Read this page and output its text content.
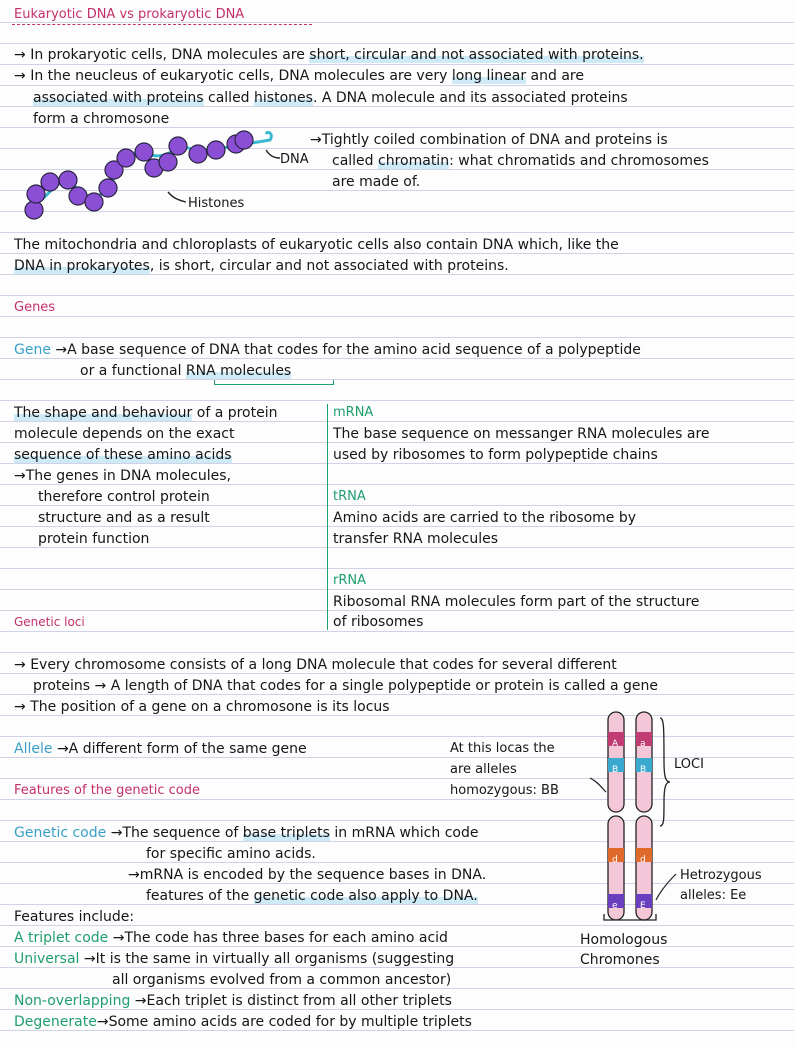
Eukaryotic DNA vs prokaryotic DNA
→ In prokaryotic cells, DNA molecules are short, circular and not associated with proteins.
→ In the neucleus of eukaryotic cells, DNA molecules are very long linear and are
associated with proteins called histones. A DNA molecule and its associated proteins
form a chromosone
DNA
Histones
→Tightly coiled combination of DNA and proteins is
called chromatin: what chromatids and chromosomes
are made of.
The mitochondria and chloroplasts of eukaryotic cells also contain DNA which, like the
DNA in prokaryotes, is short, circular and not associated with proteins.
Genes
Gene →A base sequence of DNA that codes for the amino acid sequence of a polypeptide
or a functional RNA molecules
The shape and behaviour of a protein
molecule depends on the exact
sequence of these amino acids
→The genes in DNA molecules,
therefore control protein
structure and as a result
protein function
mRNA
The base sequence on messanger RNA molecules are
used by ribosomes to form polypeptide chains
tRNA
Amino acids are carried to the ribosome by
transfer RNA molecules
rRNA
Ribosomal RNA molecules form part of the structure
of ribosomes
Genetic loci
→ Every chromosome consists of a long DNA molecule that codes for several different
proteins → A length of DNA that codes for a single polypeptide or protein is called a gene
→ The position of a gene on a chromosone is its locus
Allele →A different form of the same gene	At this locas the
are alleles
homozygous: BB
A a
B B
d d
e E
LOCI
Hetrozygous
alleles: Ee
Homologous
Chromones
Features of the genetic code
Genetic code →The sequence of base triplets in mRNA which code
for specific amino acids.
→mRNA is encoded by the sequence bases in DNA.
features of the genetic code also apply to DNA.
Features include:
A triplet code →The code has three bases for each amino acid
Universal →It is the same in virtually all organisms (suggesting
all organisms evolved from a common ancestor)
Non-overlapping →Each triplet is distinct from all other triplets
Degenerate→Some amino acids are coded for by multiple triplets
